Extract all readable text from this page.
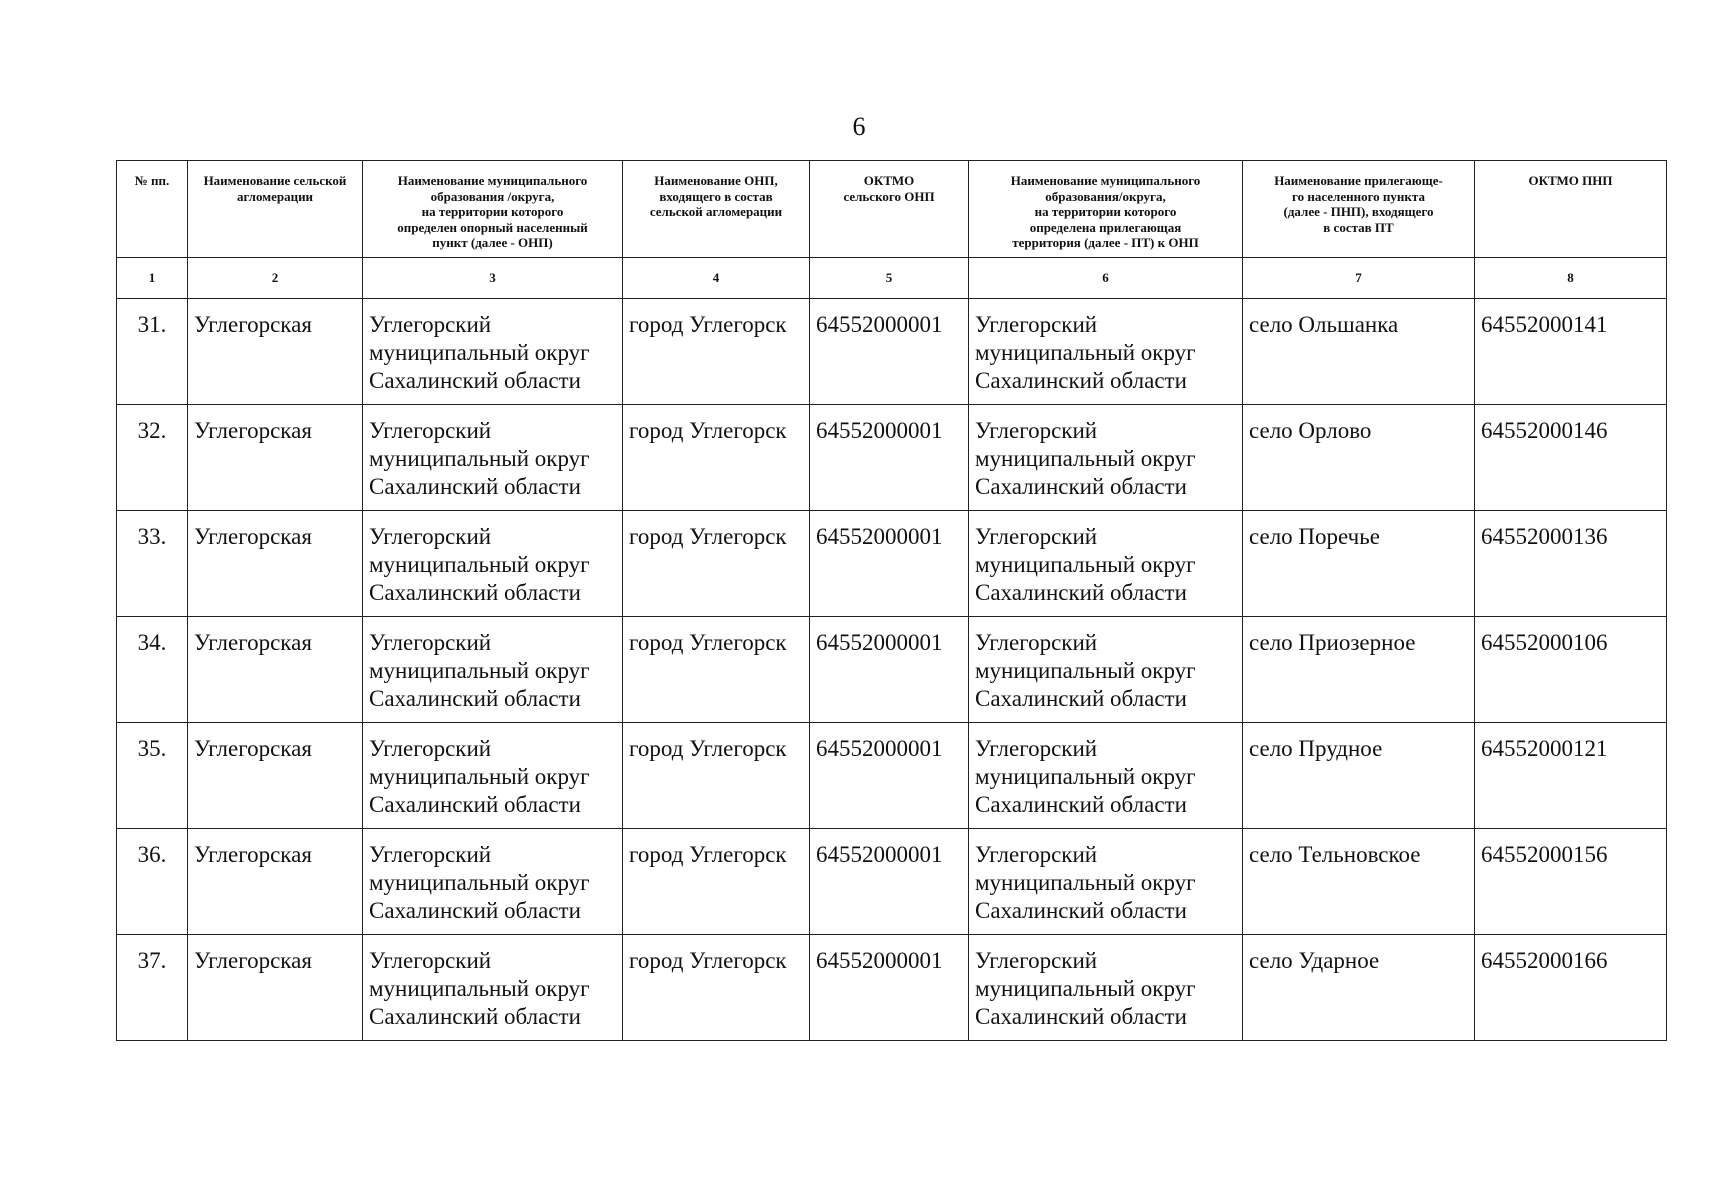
6
№ пп.	Наименование сельской агломерации	Наименование муниципального
образования /округа,
на территории которого
определен опорный населенный
пункт (далее - ОНП)	Наименование ОНП,
входящего в состав
сельской агломерации	ОКТМО
сельского ОНП	Наименование муниципального
образования/округа,
на территории которого
определена прилегающая
территория (далее - ПТ) к ОНП	Наименование прилегающе-
го населенного пункта
(далее - ПНП), входящего
в состав ПТ	ОКТМО ПНП
1	2	3	4	5	6	7	8
31.	Углегорская	Углегорский
муниципальный округ
Сахалинский области	город Углегорск	64552000001	Углегорский
муниципальный округ
Сахалинский области	село Ольшанка	64552000141
32.	Углегорская	Углегорский
муниципальный округ
Сахалинский области	город Углегорск	64552000001	Углегорский
муниципальный округ
Сахалинский области	село Орлово	64552000146
33.	Углегорская	Углегорский
муниципальный округ
Сахалинский области	город Углегорск	64552000001	Углегорский
муниципальный округ
Сахалинский области	село Поречье	64552000136
34.	Углегорская	Углегорский
муниципальный округ
Сахалинский области	город Углегорск	64552000001	Углегорский
муниципальный округ
Сахалинский области	село Приозерное	64552000106
35.	Углегорская	Углегорский
муниципальный округ
Сахалинский области	город Углегорск	64552000001	Углегорский
муниципальный округ
Сахалинский области	село Прудное	64552000121
36.	Углегорская	Углегорский
муниципальный округ
Сахалинский области	город Углегорск	64552000001	Углегорский
муниципальный округ
Сахалинский области	село Тельновское	64552000156
37.	Углегорская	Углегорский
муниципальный округ
Сахалинский области	город Углегорск	64552000001	Углегорский
муниципальный округ
Сахалинский области	село Ударное	64552000166
